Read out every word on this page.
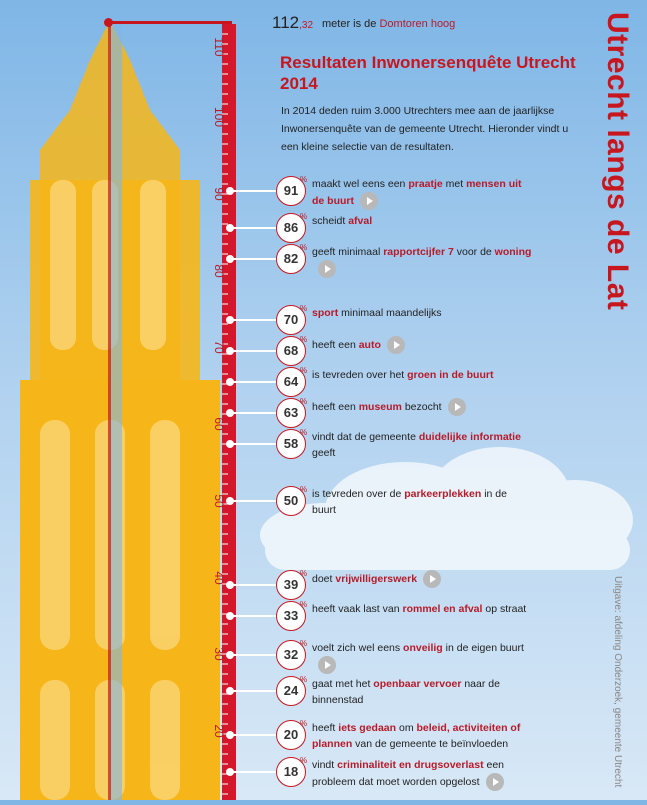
110
100
90
80
70
60
50
40
30
20
112,32 meter is de Domtoren hoog
Resultaten Inwonersenquête Utrecht 2014
In 2014 deden ruim 3.000 Utrechters mee aan de jaarlijkse Inwonersenquête van de gemeente Utrecht. Hieronder vindt u een kleine selectie van de resultaten.	Utrecht langs de Lat
Uitgave: afdeling Onderzoek, gemeente Utrecht
91
% maakt wel eens een praatje met mensen uit de buurt
86
% scheidt afval
82
% geeft minimaal rapportcijfer 7 voor de woning
70
% sport minimaal maandelijks
68
% heeft een auto
64
% is tevreden over het groen in de buurt
63
% heeft een museum bezocht
58
% vindt dat de gemeente duidelijke informatie geeft
50
% is tevreden over de parkeerplekken in de buurt
39
% doet vrijwilligerswerk
33
% heeft vaak last van rommel en afval op straat
32
% voelt zich wel eens onveilig in de eigen buurt
24
% gaat met het openbaar vervoer naar de binnenstad
20
% heeft iets gedaan om beleid, activiteiten of plannen van de gemeente te beïnvloeden
18
% vindt criminaliteit en drugsoverlast een probleem dat moet worden opgelost
